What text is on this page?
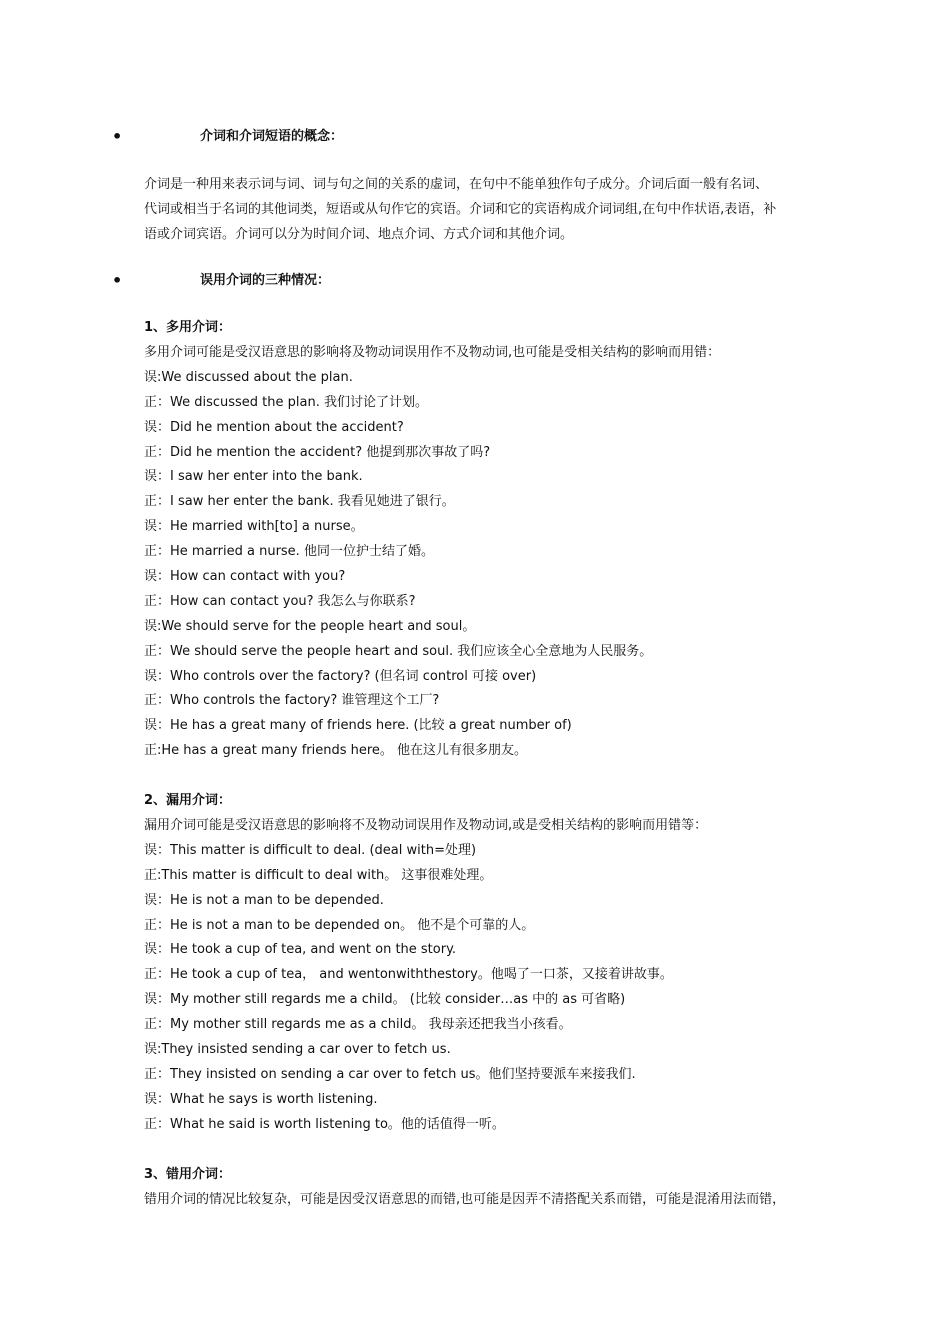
•	介词和介词短语的概念：
介词是一种用来表示词与词、词与句之间的关系的虚词，在句中不能单独作句子成分。介词后面一般有名词、
代词或相当于名词的其他词类，短语或从句作它的宾语。介词和它的宾语构成介词词组,在句中作状语,表语，补
语或介词宾语。介词可以分为时间介词、地点介词、方式介词和其他介词。
•	误用介词的三种情况：
1、多用介词：
多用介词可能是受汉语意思的影响将及物动词误用作不及物动词,也可能是受相关结构的影响而用错：
误:We discussed about the plan.
正：We discussed the plan. 我们讨论了计划。
误：Did he mention about the accident?
正：Did he mention the accident? 他提到那次事故了吗?
误：I saw her enter into the bank.
正：I saw her enter the bank. 我看见她进了银行。
误：He married with[to] a nurse。
正：He married a nurse. 他同一位护士结了婚。
误：How can contact with you?
正：How can contact you? 我怎么与你联系?
误:We should serve for the people heart and soul。
正：We should serve the people heart and soul. 我们应该全心全意地为人民服务。
误：Who controls over the factory? (但名词 control 可接 over)
正：Who controls the factory? 谁管理这个工厂?
误：He has a great many of friends here. (比较 a great number of)
正:He has a great many friends here。 他在这儿有很多朋友。
2、漏用介词：
漏用介词可能是受汉语意思的影响将不及物动词误用作及物动词,或是受相关结构的影响而用错等：
误：This matter is difficult to deal. (deal with=处理)
正:This matter is difficult to deal with。 这事很难处理。
误：He is not a man to be depended.
正：He is not a man to be depended on。 他不是个可靠的人。
误：He took a cup of tea, and went on the story.
正：He took a cup of tea， and wentonwiththestory。他喝了一口茶，又接着讲故事。
误：My mother still regards me a child。 (比较 consider…as 中的 as 可省略)
正：My mother still regards me as a child。 我母亲还把我当小孩看。
误:They insisted sending a car over to fetch us.
正：They insisted on sending a car over to fetch us。他们坚持要派车来接我们.
误：What he says is worth listening.
正：What he said is worth listening to。他的话值得一听。
3、错用介词：
错用介词的情况比较复杂，可能是因受汉语意思的而错,也可能是因弄不清搭配关系而错，可能是混淆用法而错，
